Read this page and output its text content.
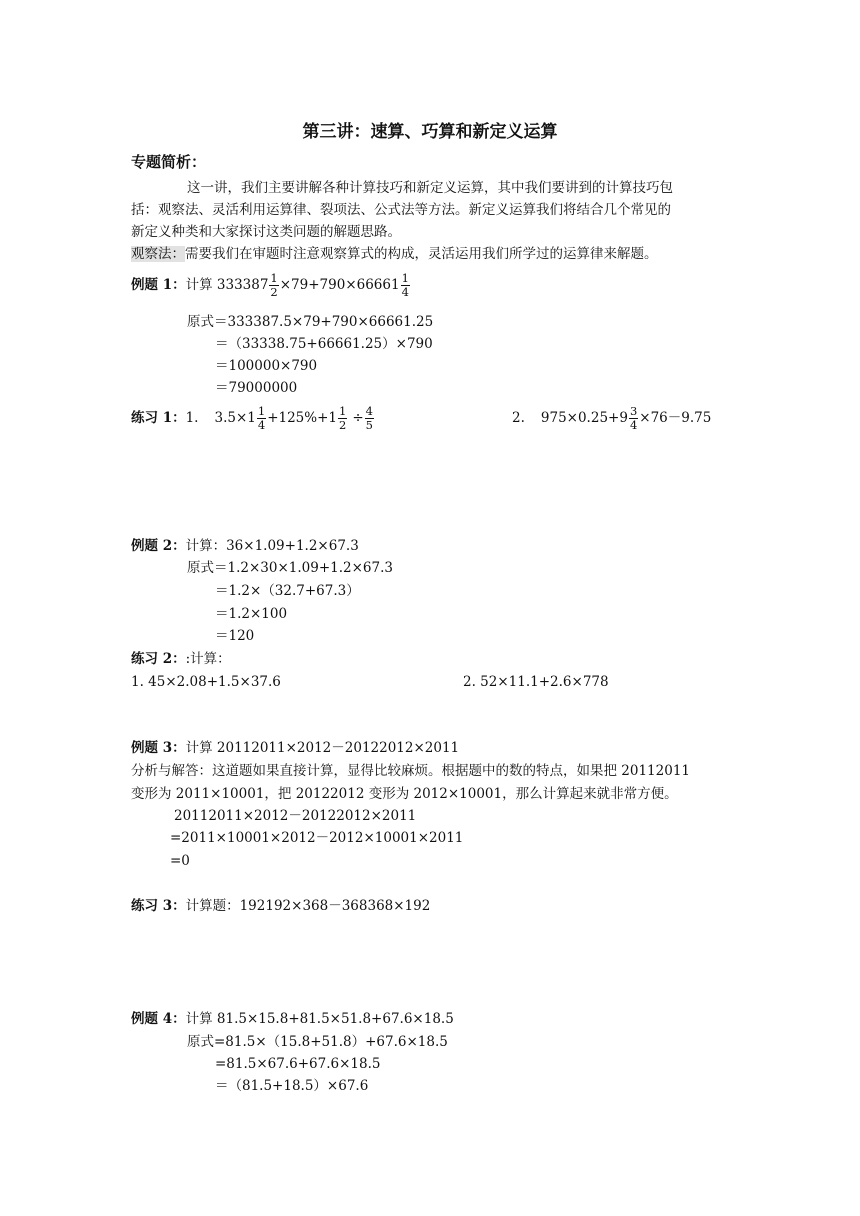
第三讲：速算、巧算和新定义运算
专题简析：
这一讲，我们主要讲解各种计算技巧和新定义运算，其中我们要讲到的计算技巧包
括：观察法、灵活利用运算律、裂项法、公式法等方法。新定义运算我们将结合几个常见的
新定义种类和大家探讨这类问题的解题思路。
观察法：需要我们在审题时注意观察算式的构成，灵活运用我们所学过的运算律来解题。
例题 1： 计算 $333387 \frac{1}{2} \times 79+790\times 66661 \frac{1}{4}$
原式＝333387.5×79+790×66661.25
＝（33338.75+66661.25）×790
＝100000×790
＝79000000
练习 1： 1. $3.5\times 1 \frac{1}{4} +125\%+1 \frac{1}{2} \div \frac{4}{5}$	2. $975\times 0.25+9 \frac{3}{4} \times 76-9.75$
例题 2：计算：36×1.09+1.2×67.3
原式＝1.2×30×1.09+1.2×67.3
＝1.2×（32.7+67.3）
＝1.2×100
＝120
练习 2：:计算：
1. 45×2.08+1.5×37.6	2. 52×11.1+2.6×778
例题 3：计算 20112011×2012－20122012×2011
分析与解答：这道题如果直接计算，显得比较麻烦。根据题中的数的特点，如果把 20112011
变形为 2011×10001，把 20122012 变形为 2012×10001，那么计算起来就非常方便。
20112011×2012－20122012×2011
=2011×10001×2012－2012×10001×2011
=0
练习 3：计算题：192192×368－368368×192
例题 4：计算 81.5×15.8+81.5×51.8+67.6×18.5
原式=81.5×（15.8+51.8）+67.6×18.5
=81.5×67.6+67.6×18.5
＝（81.5+18.5）×67.6
